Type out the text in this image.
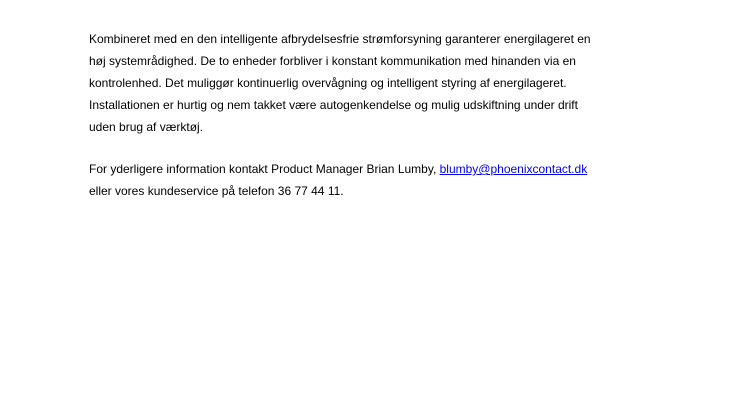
Kombineret med en den intelligente afbrydelsesfrie strømforsyning garanterer energilageret en
høj systemrådighed. De to enheder forbliver i konstant kommunikation med hinanden via en
kontrolenhed. Det muliggør kontinuerlig overvågning og intelligent styring af energilageret.
Installationen er hurtig og nem takket være autogenkendelse og mulig udskiftning under drift
uden brug af værktøj.
For yderligere information kontakt Product Manager Brian Lumby, blumby@phoenixcontact.dk
eller vores kundeservice på telefon 36 77 44 11.
